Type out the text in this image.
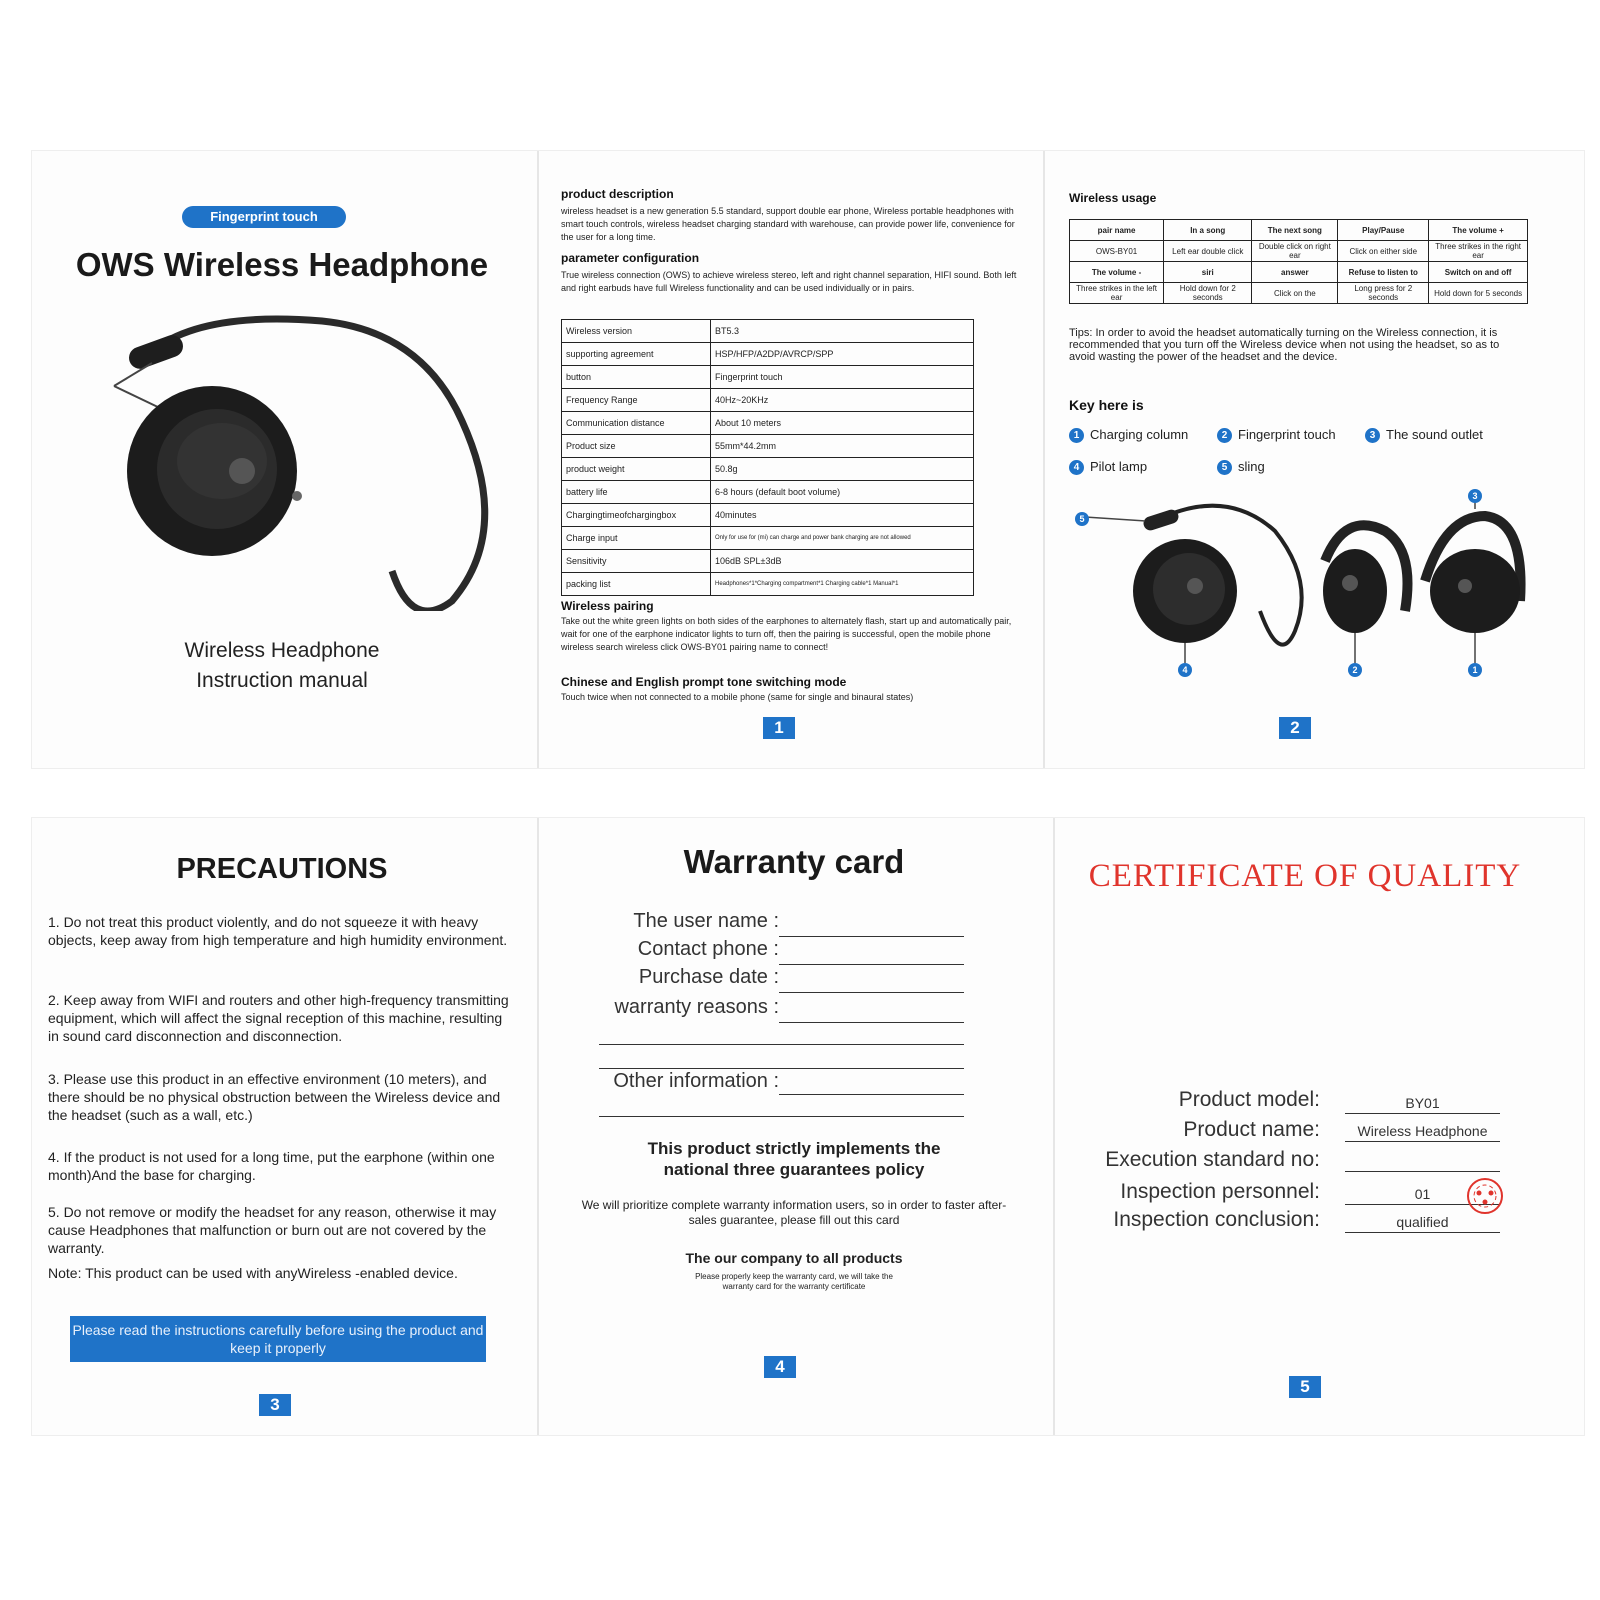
Fingerprint touch
OWS Wireless Headphone
Wireless Headphone
Instruction manual
product description
wireless headset is a new generation 5.5 standard, support double ear phone, Wireless portable headphones with smart touch controls, wireless headset charging standard with warehouse, can provide power life, convenience for the user for a long time.
parameter configuration
True wireless connection (OWS) to achieve wireless stereo, left and right channel separation, HIFI sound. Both left and right earbuds have full Wireless functionality and can be used individually or in pairs.
Wireless version	BT5.3
supporting agreement	HSP/HFP/A2DP/AVRCP/SPP
button	Fingerprint touch
Frequency Range	40Hz~20KHz
Communication distance	About 10 meters
Product size	55mm*44.2mm
product weight	50.8g
battery life	6-8 hours (default boot volume)
Chargingtimeofchargingbox	40minutes
Charge input	Only for use for (mi) can charge and power bank charging are not allowed
Sensitivity	106dB SPL±3dB
packing list	Headphones*1*Charging compartment*1 Charging cable*1 Manual*1
Wireless pairing
Take out the white green lights on both sides of the earphones to alternately flash, start up and automatically pair, wait for one of the earphone indicator lights to turn off, then the pairing is successful, open the mobile phone wireless search wireless click OWS-BY01 pairing name to connect!
Chinese and English prompt tone switching mode
Touch twice when not connected to a mobile phone (same for single and binaural states)
1
Wireless usage
pair name	In a song	The next song	Play/Pause	The volume +
OWS-BY01	Left ear double click	Double click on right ear	Click on either side	Three strikes in the right ear
The volume -	siri	answer	Refuse to listen to	Switch on and off
Three strikes in the left ear	Hold down for 2 seconds	Click on the	Long press for 2 seconds	Hold down for 5 seconds
Tips: In order to avoid the headset automatically turning on the Wireless connection, it is recommended that you turn off the Wireless device when not using the headset, so as to avoid wasting the power of the headset and the device.
Key here is
1 Charging column	2 Fingerprint touch	3 The sound outlet
4 Pilot lamp	5 sling
5
4	2
3
1
2
PRECAUTIONS
1. Do not treat this product violently, and do not squeeze it with heavy objects, keep away from high temperature and high humidity environment.
2. Keep away from WIFI and routers and other high-frequency transmitting equipment, which will affect the signal reception of this machine, resulting in sound card disconnection and disconnection.
3. Please use this product in an effective environment (10 meters), and there should be no physical obstruction between the Wireless device and the headset (such as a wall, etc.)
4. If the product is not used for a long time, put the earphone (within one month)And the base for charging.
5. Do not remove or modify the headset for any reason, otherwise it may cause Headphones that malfunction or burn out are not covered by the warranty.
Note: This product can be used with anyWireless -enabled device.
Please read the instructions carefully before using the product and keep it properly
3
Warranty card
The user name :
Contact phone :
Purchase date :
warranty reasons :
Other information :
This product strictly implements the national three guarantees policy
We will prioritize complete warranty information users, so in order to faster after-sales guarantee, please fill out this card
The our company to all products
Please properly keep the warranty card, we will take the warranty card for the warranty certificate
4
CERTIFICATE OF QUALITY
Product model:	BY01
Product name:	Wireless Headphone
Execution standard no:
Inspection personnel:	01
Inspection conclusion:	qualified
5
